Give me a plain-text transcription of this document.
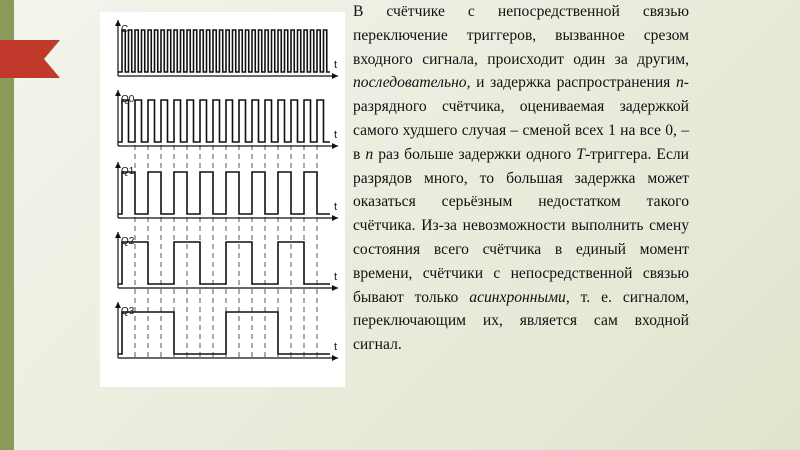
C
t
Q0
t
Q1
t
Q2
t
Q3
t

В счётчике с непосредственной связью переключение триггеров, вызванное срезом входного сигнала, происходит один за другим, последовательно, и задержка распространения n-разрядного счётчика, оцениваемая задержкой самого худшего случая – сменой всех 1 на все 0, – в n раз больше задержки одного Т-триггера. Если разрядов много, то большая задержка может оказаться серьёзным недостатком такого счётчика. Из-за невозможности выполнить смену состояния всего счётчика в единый момент времени, счётчики с непосредственной связью бывают только асинхронными, т. е. сигналом, переключающим их, является сам входной сигнал.
